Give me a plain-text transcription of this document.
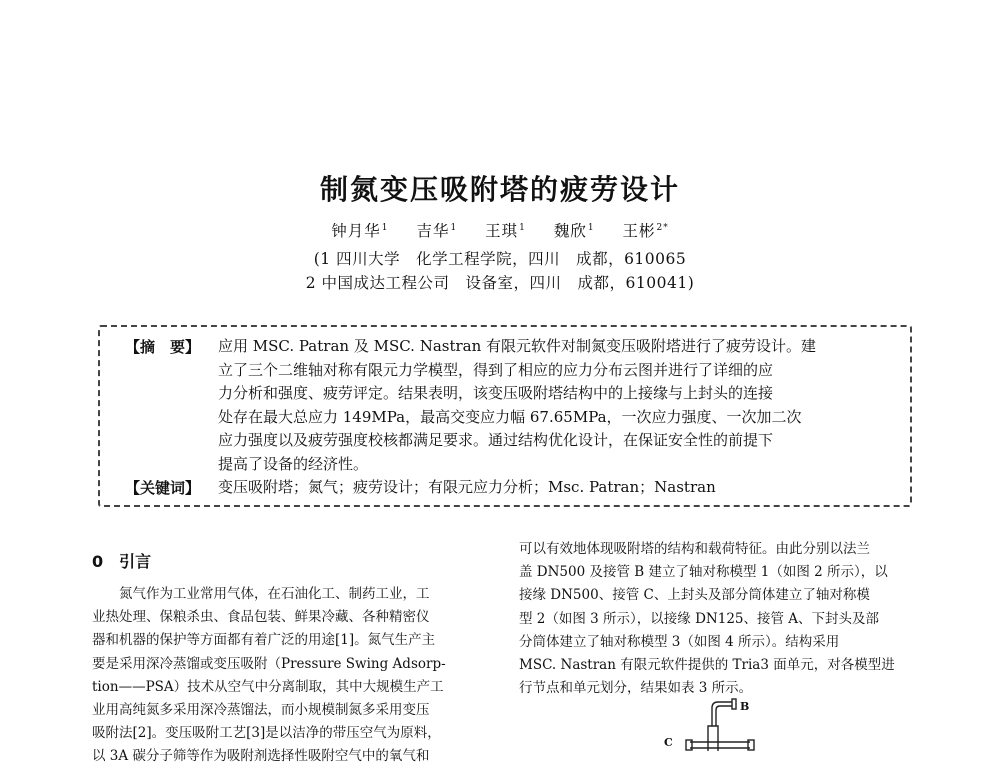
制氮变压吸附塔的疲劳设计
钟月华$^1$ 吉华$^1$ 王琪$^1$ 魏欣$^1$ 王彬$^{2*}$
(1 四川大学　化学工程学院，四川　成都，610065
2 中国成达工程公司　设备室，四川　成都，610041)
【摘　要】 应用 MSC. Patran 及 MSC. Nastran 有限元软件对制氮变压吸附塔进行了疲劳设计。建
立了三个二维轴对称有限元力学模型，得到了相应的应力分布云图并进行了详细的应
力分析和强度、疲劳评定。结果表明，该变压吸附塔结构中的上接缘与上封头的连接
处存在最大总应力 149MPa，最高交变应力幅 67.65MPa，一次应力强度、一次加二次
应力强度以及疲劳强度校核都满足要求。通过结构优化设计，在保证安全性的前提下
提高了设备的经济性。
【关键词】 变压吸附塔；氮气；疲劳设计；有限元应力分析；Msc. Patran；Nastran
0　引言
氮气作为工业常用气体，在石油化工、制药工业，工
业热处理、保粮杀虫、食品包装、鲜果冷藏、各种精密仪
器和机器的保护等方面都有着广泛的用途[1]。氮气生产主
要是采用深冷蒸馏或变压吸附（Pressure Swing Adsorp-
tion——PSA）技术从空气中分离制取，其中大规模生产工
业用高纯氮多采用深冷蒸馏法，而小规模制氮多采用变压
吸附法[2]。变压吸附工艺[3]是以洁净的带压空气为原料，
以 3A 碳分子筛等作为吸附剂选择性吸附空气中的氧气和
可以有效地体现吸附塔的结构和载荷特征。由此分别以法兰
盖 DN500 及接管 B 建立了轴对称模型 1（如图 2 所示），以
接缘 DN500、接管 C、上封头及部分筒体建立了轴对称模
型 2（如图 3 所示），以接缘 DN125、接管 A、下封头及部
分筒体建立了轴对称模型 3（如图 4 所示）。结构采用
MSC. Nastran 有限元软件提供的 Tria3 面单元，对各模型进
行节点和单元划分，结果如表 3 所示。
B
C
